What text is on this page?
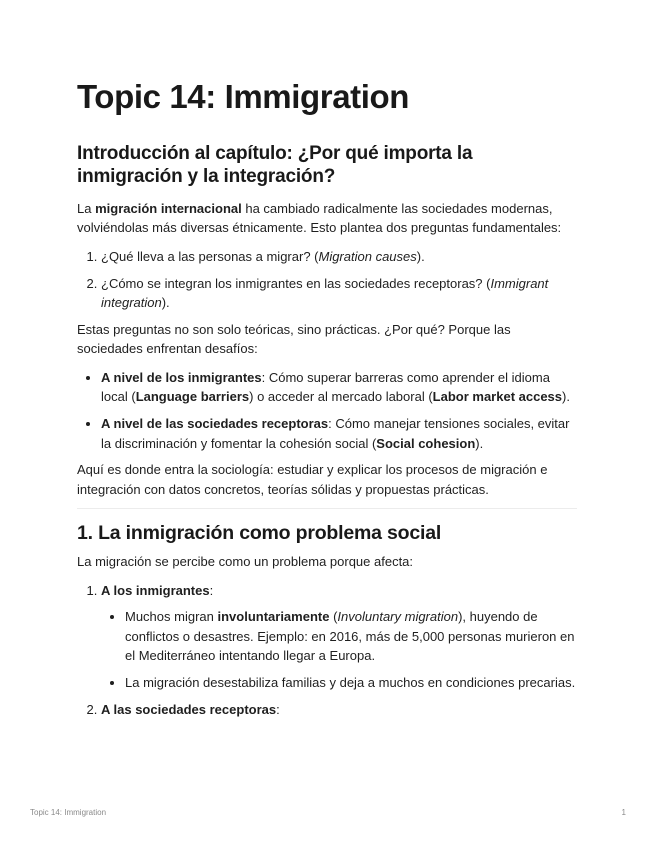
Topic 14: Immigration
Introducción al capítulo: ¿Por qué importa la inmigración y la integración?

La migración internacional ha cambiado radicalmente las sociedades modernas, volviéndolas más diversas étnicamente. Esto plantea dos preguntas fundamentales:

1. ¿Qué lleva a las personas a migrar? (Migration causes).
2. ¿Cómo se integran los inmigrantes en las sociedades receptoras? (Immigrant integration).

Estas preguntas no son solo teóricas, sino prácticas. ¿Por qué? Porque las sociedades enfrentan desafíos:

• A nivel de los inmigrantes: Cómo superar barreras como aprender el idioma local (Language barriers) o acceder al mercado laboral (Labor market access).
• A nivel de las sociedades receptoras: Cómo manejar tensiones sociales, evitar la discriminación y fomentar la cohesión social (Social cohesion).

Aquí es donde entra la sociología: estudiar y explicar los procesos de migración e integración con datos concretos, teorías sólidas y propuestas prácticas.

1. La inmigración como problema social

La migración se percibe como un problema porque afecta:

1. A los inmigrantes:
• Muchos migran involuntariamente (Involuntary migration), huyendo de conflictos o desastres. Ejemplo: en 2016, más de 5,000 personas murieron en el Mediterráneo intentando llegar a Europa.
• La migración desestabiliza familias y deja a muchos en condiciones precarias.
2. A las sociedades receptoras:
Topic 14: Immigration	1
